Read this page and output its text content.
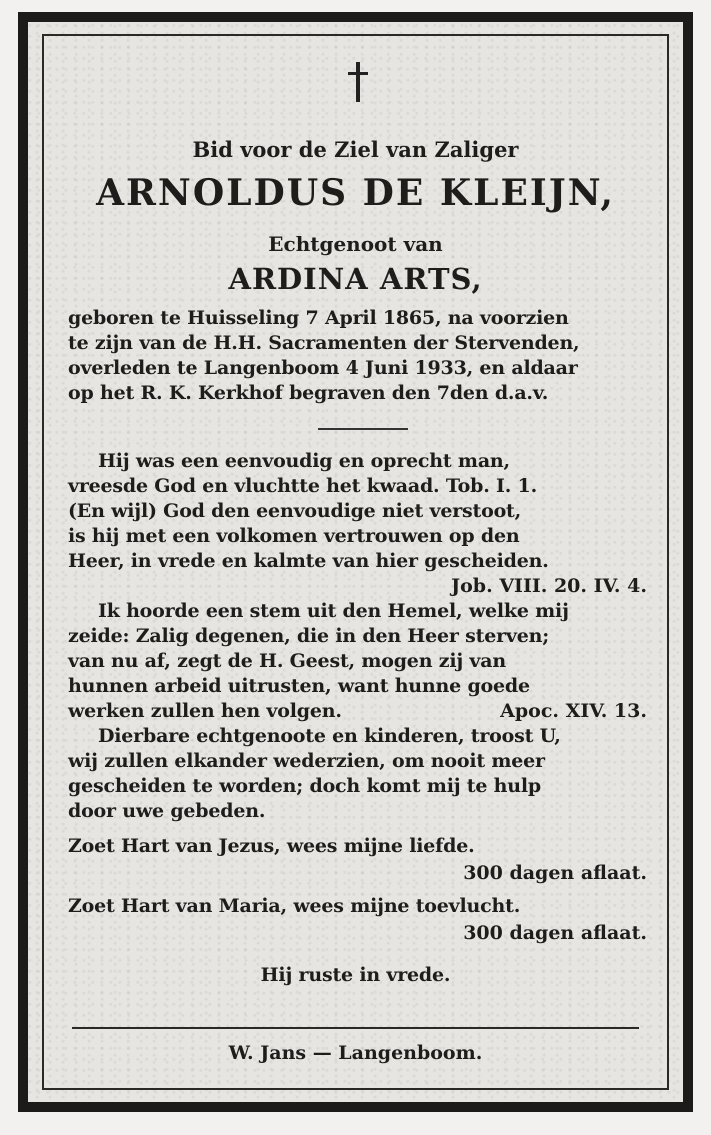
Bid voor de Ziel van Zaliger
ARNOLDUS DE KLEIJN,
Echtgenoot van
ARDINA ARTS,
geboren te Huisseling 7 April 1865, na voorzien
te zijn van de H.H. Sacramenten der Stervenden,
overleden te Langenboom 4 Juni 1933, en aldaar
op het R. K. Kerkhof begraven den 7den d.a.v.
Hij was een eenvoudig en oprecht man,
vreesde God en vluchtte het kwaad. Tob. I. 1.
(En wijl) God den eenvoudige niet verstoot,
is hij met een volkomen vertrouwen op den
Heer, in vrede en kalmte van hier gescheiden.
Job. VIII. 20. IV. 4.
Ik hoorde een stem uit den Hemel, welke mij
zeide: Zalig degenen, die in den Heer sterven;
van nu af, zegt de H. Geest, mogen zij van
hunnen arbeid uitrusten, want hunne goede
werken zullen hen volgen.	Apoc. XIV. 13.
Dierbare echtgenoote en kinderen, troost U,
wij zullen elkander wederzien, om nooit meer
gescheiden te worden; doch komt mij te hulp
door uwe gebeden.
Zoet Hart van Jezus, wees mijne liefde.
300 dagen aflaat.
Zoet Hart van Maria, wees mijne toevlucht.
300 dagen aflaat.
Hij ruste in vrede.
W. Jans — Langenboom.
